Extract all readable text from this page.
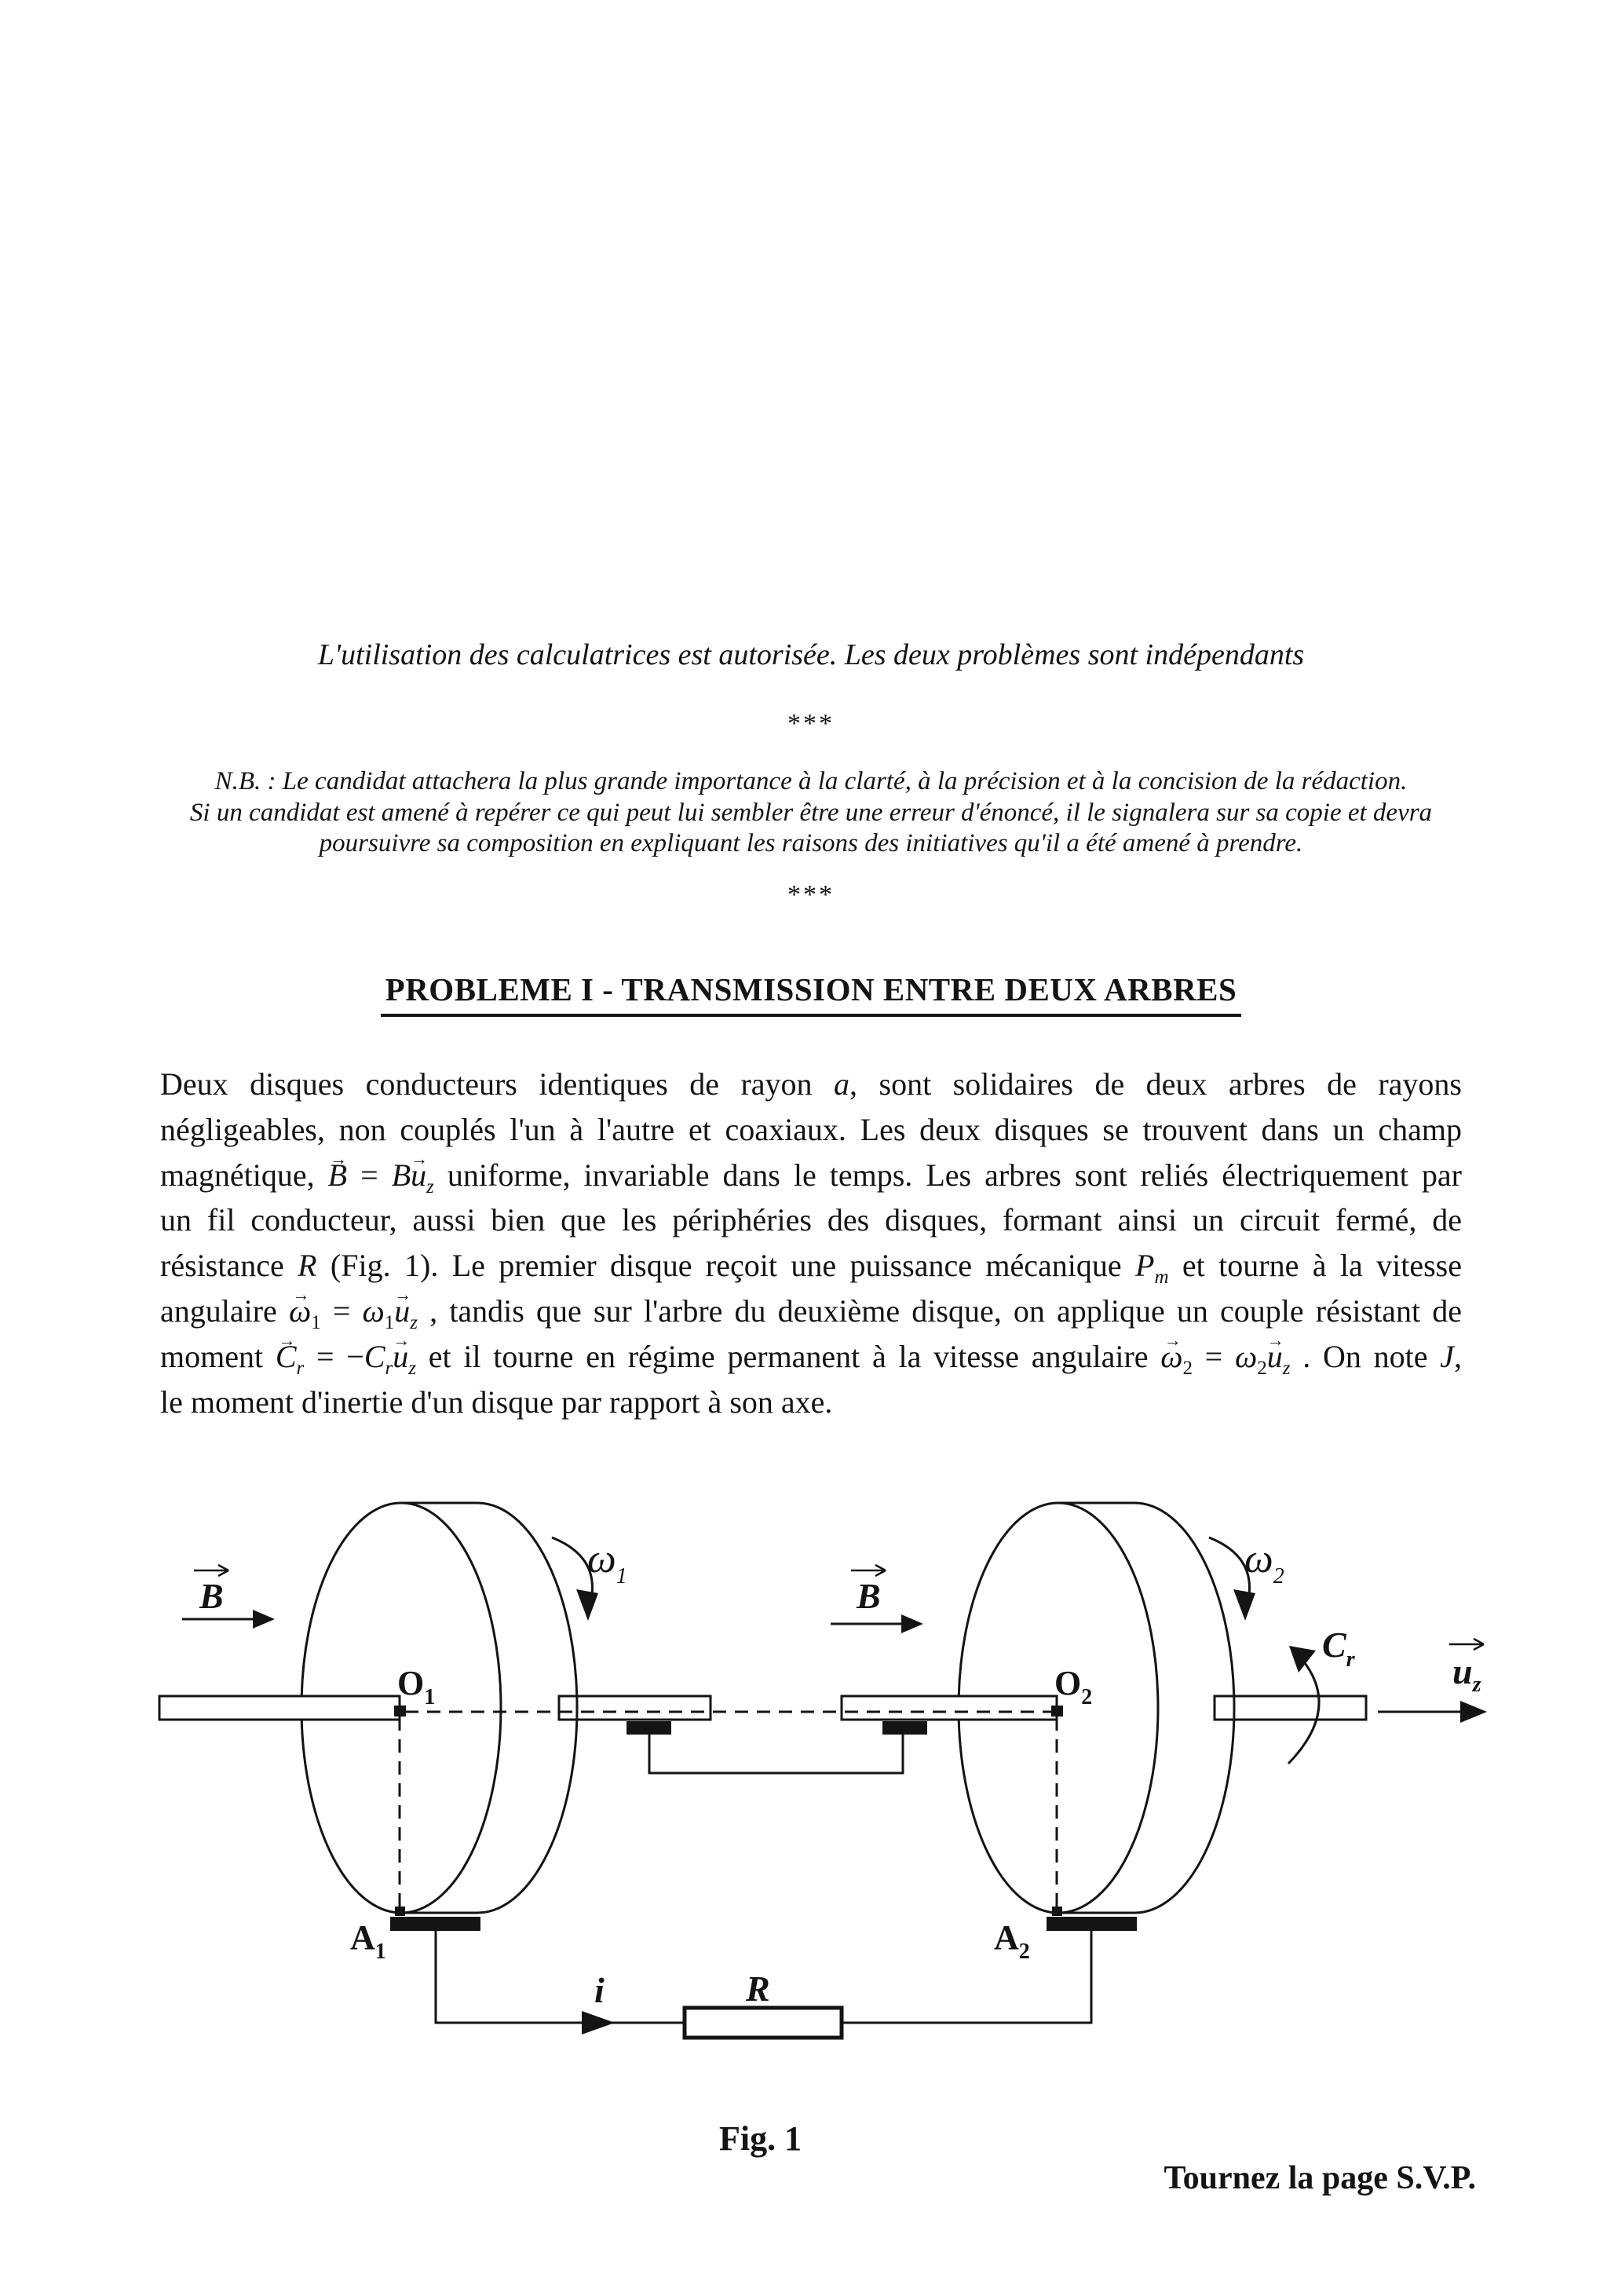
L'utilisation des calculatrices est autorisée. Les deux problèmes sont indépendants
***
N.B. : Le candidat attachera la plus grande importance à la clarté, à la précision et à la concision de la rédaction.
Si un candidat est amené à repérer ce qui peut lui sembler être une erreur d'énoncé, il le signalera sur sa copie et devra
poursuivre sa composition en expliquant les raisons des initiatives qu'il a été amené à prendre.
***
PROBLEME I - TRANSMISSION ENTRE DEUX ARBRES
Deux disques conducteurs identiques de rayon a, sont solidaires de deux arbres de rayons
négligeables, non couplés l'un à l'autre et coaxiaux. Les deux disques se trouvent dans un champ
magnétique, → $B = B\to u_z$ uniforme, invariable dans le temps. Les arbres sont reliés électriquement par
un fil conducteur, aussi bien que les périphéries des disques, formant ainsi un circuit fermé, de
résistance R (Fig. 1). Le premier disque reçoit une puissance mécanique $P_m$ et tourne à la vitesse
angulaire → $\omega_1 = \omega_1\to u_z$ , tandis que sur l'arbre du deuxième disque, on applique un couple résistant de
moment → $C_r = -C_r\to u_z$ et il tourne en régime permanent à la vitesse angulaire → $\omega_2 = \omega_2\to u_z$ . On note J,
le moment d'inertie d'un disque par rapport à son axe.
B	B
$\omega_1$	$\omega_2$
$O_1$	$O_2$
$A_1$	$A_2$
$C_r$	$u_z$
i	R
Fig. 1
Tournez la page S.V.P.
